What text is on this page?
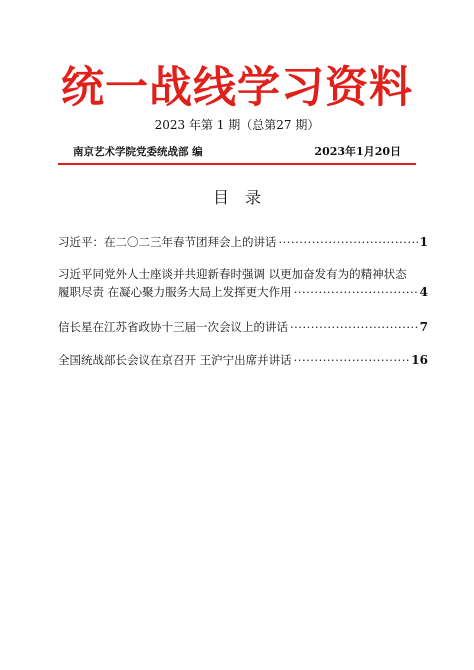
统一战线学习资料
2023 年第 1 期（总第27 期）
南京艺术学院党委统战部 编	2023年1月20日
目录
习近平：在二〇二三年春节团拜会上的讲话 ·····	1
习近平同党外人士座谈并共迎新春时强调 以更加奋发有为的精神状态
履职尽责 在凝心聚力服务大局上发挥更大作用 ·····	4
信长星在江苏省政协十三届一次会议上的讲话 ·····	7
全国统战部长会议在京召开 王沪宁出席并讲话 ·····	16
